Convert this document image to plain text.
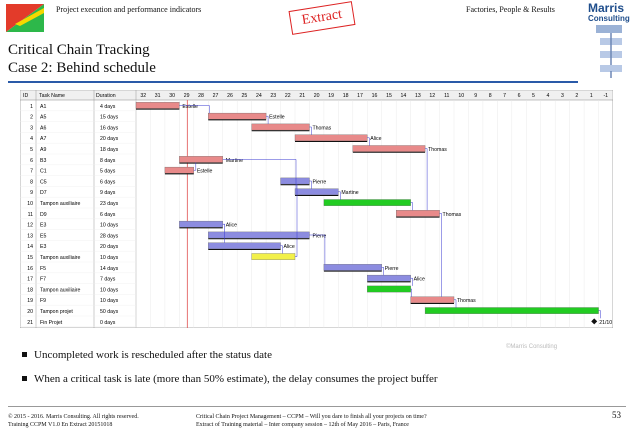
Project execution and performance indicators	Extract	Factories, People & Results	Marris
Consulting
Critical Chain Tracking
Case 2: Behind schedule
ID Task Name	Duration	32 31 30 29 28 27 26 25 24 23 22 21 20 19 18 17 16 15 14 13 12 11 10 9 8 7 6 5 4 3 2 1 -1
1 A1	4 days	Estelle
2 A5	15 days	Estelle
3 A6	16 days	Thomas
4 A7	20 days	Alice
5 A9	18 days	Thomas
6 B3	8 days	Martine
7 C1	5 days	Estelle
8 C5	6 days	Pierre
9 D7	9 days	Martine
10 Tampon auxiliaire	23 days
11 D9	6 days	Thomas
12 E3	10 days	Alice
13 E5	28 days	Pierre
14 E3	20 days	Alice
15 Tampon auxiliaire	10 days
16 F5	14 days	Pierre
17 F7	7 days	Alice
18 Tampon auxiliaire	10 days
19 F9	10 days	Thomas
20 Tampon projet	50 days
21 Fin Projet	0 days	21/10
Uncompleted work is rescheduled after the status date
When a critical task is late (more than 50% estimate), the delay consumes the project buffer
©Marris Consulting
© 2015 - 2016. Marris Consulting. All rights reserved.
Training CCPM V1.0 En Extract 20151018
Critical Chain Project Management – CCPM – Will you dare to finish all your projects on time?
Extract of Training material – Inter company session – 12th of May 2016 – Paris, France
53
